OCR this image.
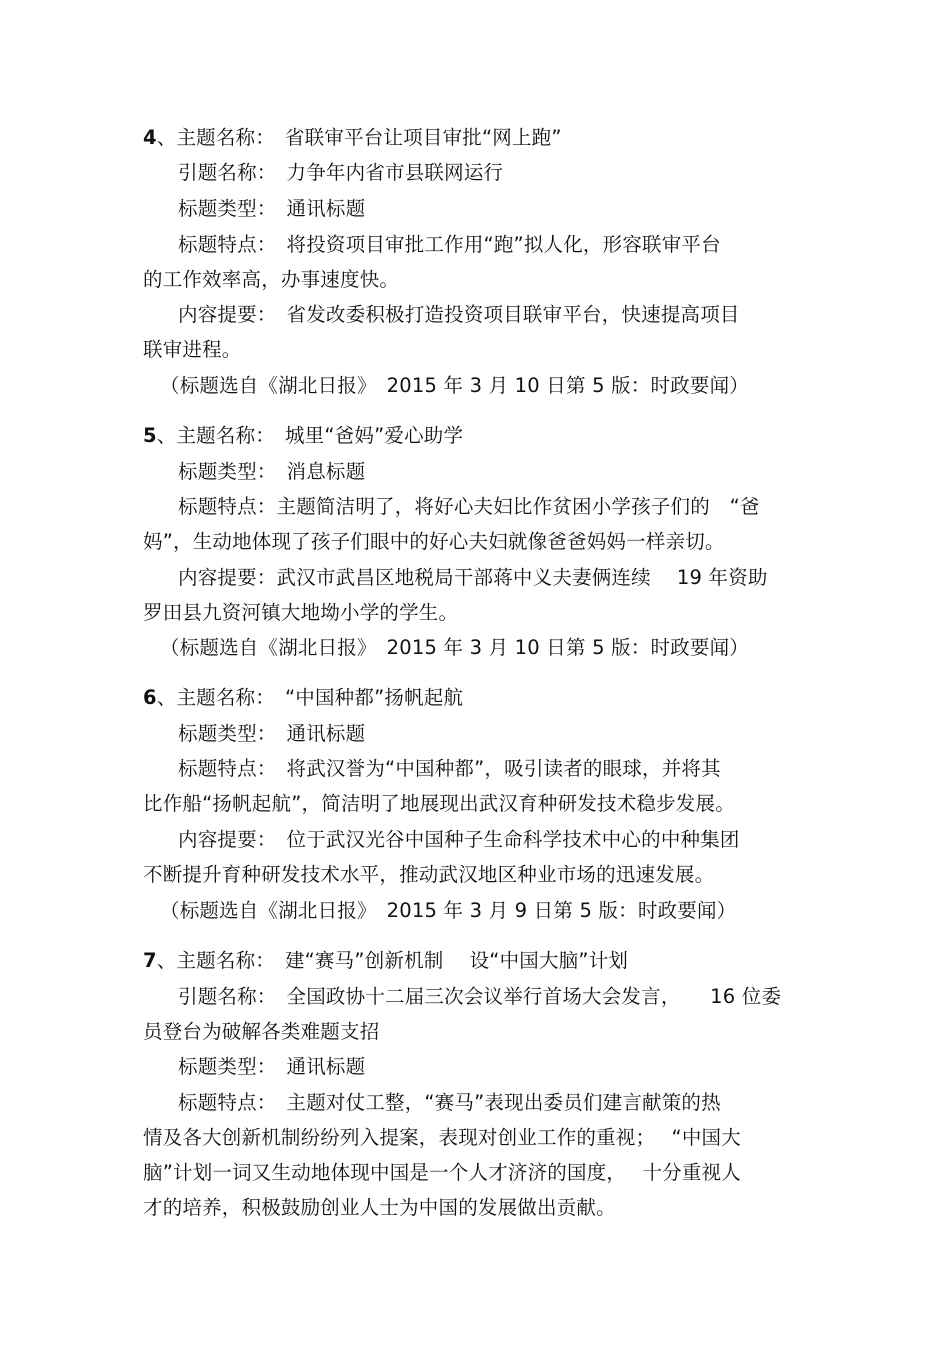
4、主题名称： 省联审平台让项目审批“网上跑”
引题名称： 力争年内省市县联网运行
标题类型： 通讯标题
标题特点： 将投资项目审批工作用“跑”拟人化，形容联审平台
的工作效率高，办事速度快。
内容提要： 省发改委积极打造投资项目联审平台，快速提高项目
联审进程。
（标题选自《湖北日报》　2015 年 3 月 10 日第 5 版：时政要闻）
5、主题名称： 城里“爸妈”爱心助学
标题类型： 消息标题
标题特点：主题简洁明了，将好心夫妇比作贫困小学孩子们的　“爸
妈”，生动地体现了孩子们眼中的好心夫妇就像爸爸妈妈一样亲切。
内容提要：武汉市武昌区地税局干部蒋中义夫妻俩连续　 19 年资助
罗田县九资河镇大地坳小学的学生。
（标题选自《湖北日报》　2015 年 3 月 10 日第 5 版：时政要闻）
6、主题名称： “中国种都”扬帆起航
标题类型： 通讯标题
标题特点： 将武汉誉为“中国种都”，吸引读者的眼球，并将其
比作船“扬帆起航”，简洁明了地展现出武汉育种研发技术稳步发展。
内容提要： 位于武汉光谷中国种子生命科学技术中心的中种集团
不断提升育种研发技术水平，推动武汉地区种业市场的迅速发展。
（标题选自《湖北日报》　2015 年 3 月 9 日第 5 版：时政要闻）
7、主题名称： 建“赛马”创新机制　 设“中国大脑”计划
引题名称： 全国政协十二届三次会议举行首场大会发言，　　16 位委
员登台为破解各类难题支招
标题类型： 通讯标题
标题特点： 主题对仗工整，“赛马”表现出委员们建言献策的热
情及各大创新机制纷纷列入提案，表现对创业工作的重视；　 “中国大
脑”计划一词又生动地体现中国是一个人才济济的国度，　 十分重视人
才的培养，积极鼓励创业人士为中国的发展做出贡献。
